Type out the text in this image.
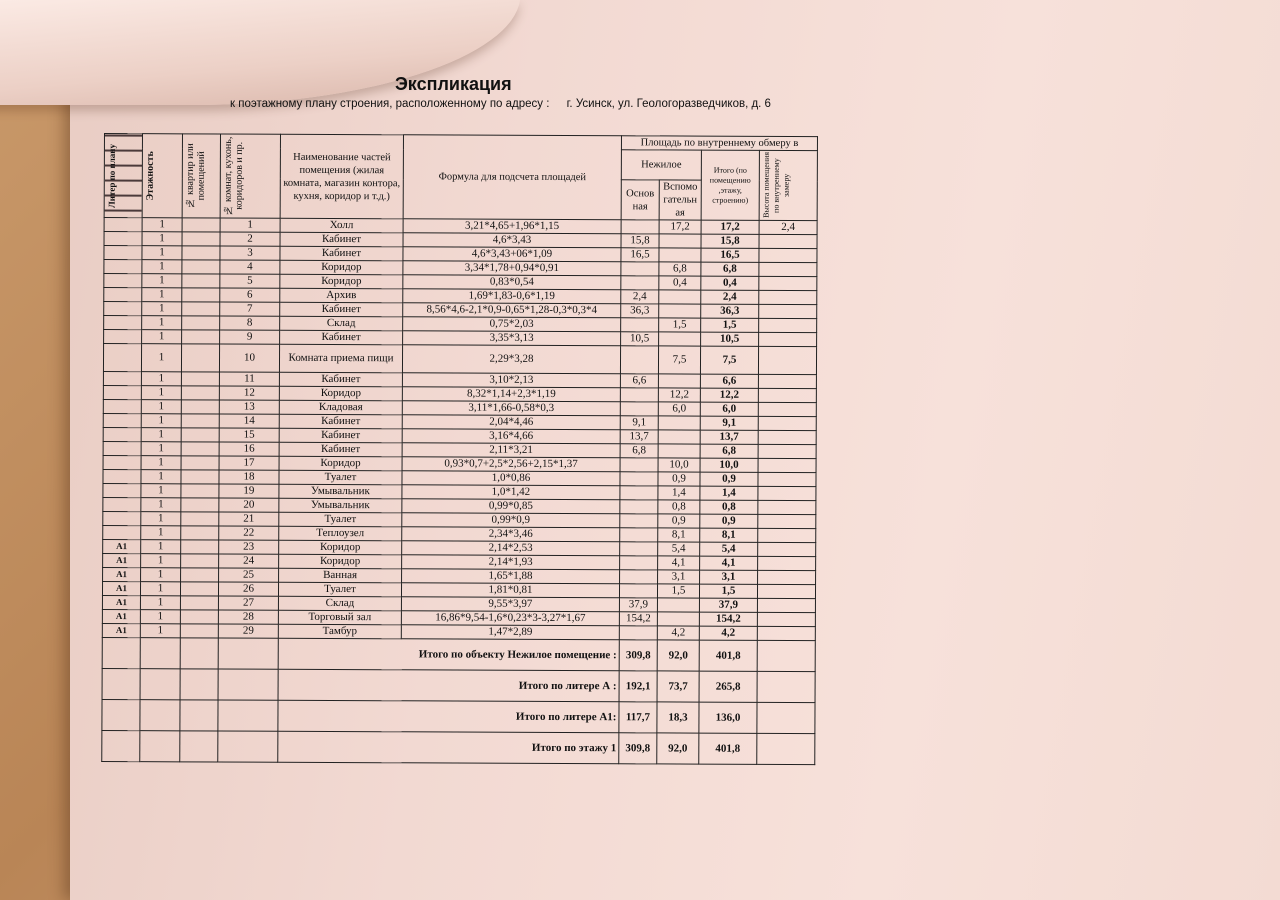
Экспликация
к поэтажному плану строения, расположенному по адресу : г. Усинск, ул. Геологоразведчиков, д. 6
Литер по плану	Этажность	№ квартир или помещений	№ комнат, кухонь, коридоров и пр.	Наименование частей помещения (жилая комната, магазин контора, кухня, коридор и т.д.)	Формула для подсчета площадей	Площадь по внутреннему обмеру в			
						Нежилое		Итого (по помещению ,этажу, строению)	Высота помещения по внутреннему замеру

						Основ ная	Вспомо гательн ая		
	1		1	Холл	3,21*4,65+1,96*1,15		17,2	17,2	2,4
	1		2	Кабинет	4,6*3,43	15,8		15,8	
	1		3	Кабинет	4,6*3,43+06*1,09	16,5		16,5	
	1		4	Коридор	3,34*1,78+0,94*0,91		6,8	6,8	
	1		5	Коридор	0,83*0,54		0,4	0,4	
	1		6	Архив	1,69*1,83-0,6*1,19	2,4		2,4	
	1		7	Кабинет	8,56*4,6-2,1*0,9-0,65*1,28-0,3*0,3*4	36,3		36,3	
	1		8	Склад	0,75*2,03		1,5	1,5	
	1		9	Кабинет	3,35*3,13	10,5		10,5	
	1		10	Комната приема пищи	2,29*3,28		7,5	7,5	
	1		11	Кабинет	3,10*2,13	6,6		6,6	
	1		12	Коридор	8,32*1,14+2,3*1,19		12,2	12,2	
	1		13	Кладовая	3,11*1,66-0,58*0,3		6,0	6,0	
	1		14	Кабинет	2,04*4,46	9,1		9,1	
	1		15	Кабинет	3,16*4,66	13,7		13,7	
	1		16	Кабинет	2,11*3,21	6,8		6,8	
	1		17	Коридор	0,93*0,7+2,5*2,56+2,15*1,37		10,0	10,0	
	1		18	Туалет	1,0*0,86		0,9	0,9	
	1		19	Умывальник	1,0*1,42		1,4	1,4	
	1		20	Умывальник	0,99*0,85		0,8	0,8	
	1		21	Туалет	0,99*0,9		0,9	0,9	
	1		22	Теплоузел	2,34*3,46		8,1	8,1	
А1	1		23	Коридор	2,14*2,53		5,4	5,4	
А1	1		24	Коридор	2,14*1,93		4,1	4,1	
А1	1		25	Ванная	1,65*1,88		3,1	3,1	
А1	1		26	Туалет	1,81*0,81		1,5	1,5	
А1	1		27	Склад	9,55*3,97	37,9		37,9	
А1	1		28	Торговый зал	16,86*9,54-1,6*0,23*3-3,27*1,67	154,2		154,2	
А1	1		29	Тамбур	1,47*2,89		4,2	4,2	
				Итого по объекту Нежилое помещение :		309,8	92,0	401,8	
				Итого по литере А :		192,1	73,7	265,8	
				Итого по литере А1:		117,7	18,3	136,0	
				Итого по этажу 1		309,8	92,0	401,8	
